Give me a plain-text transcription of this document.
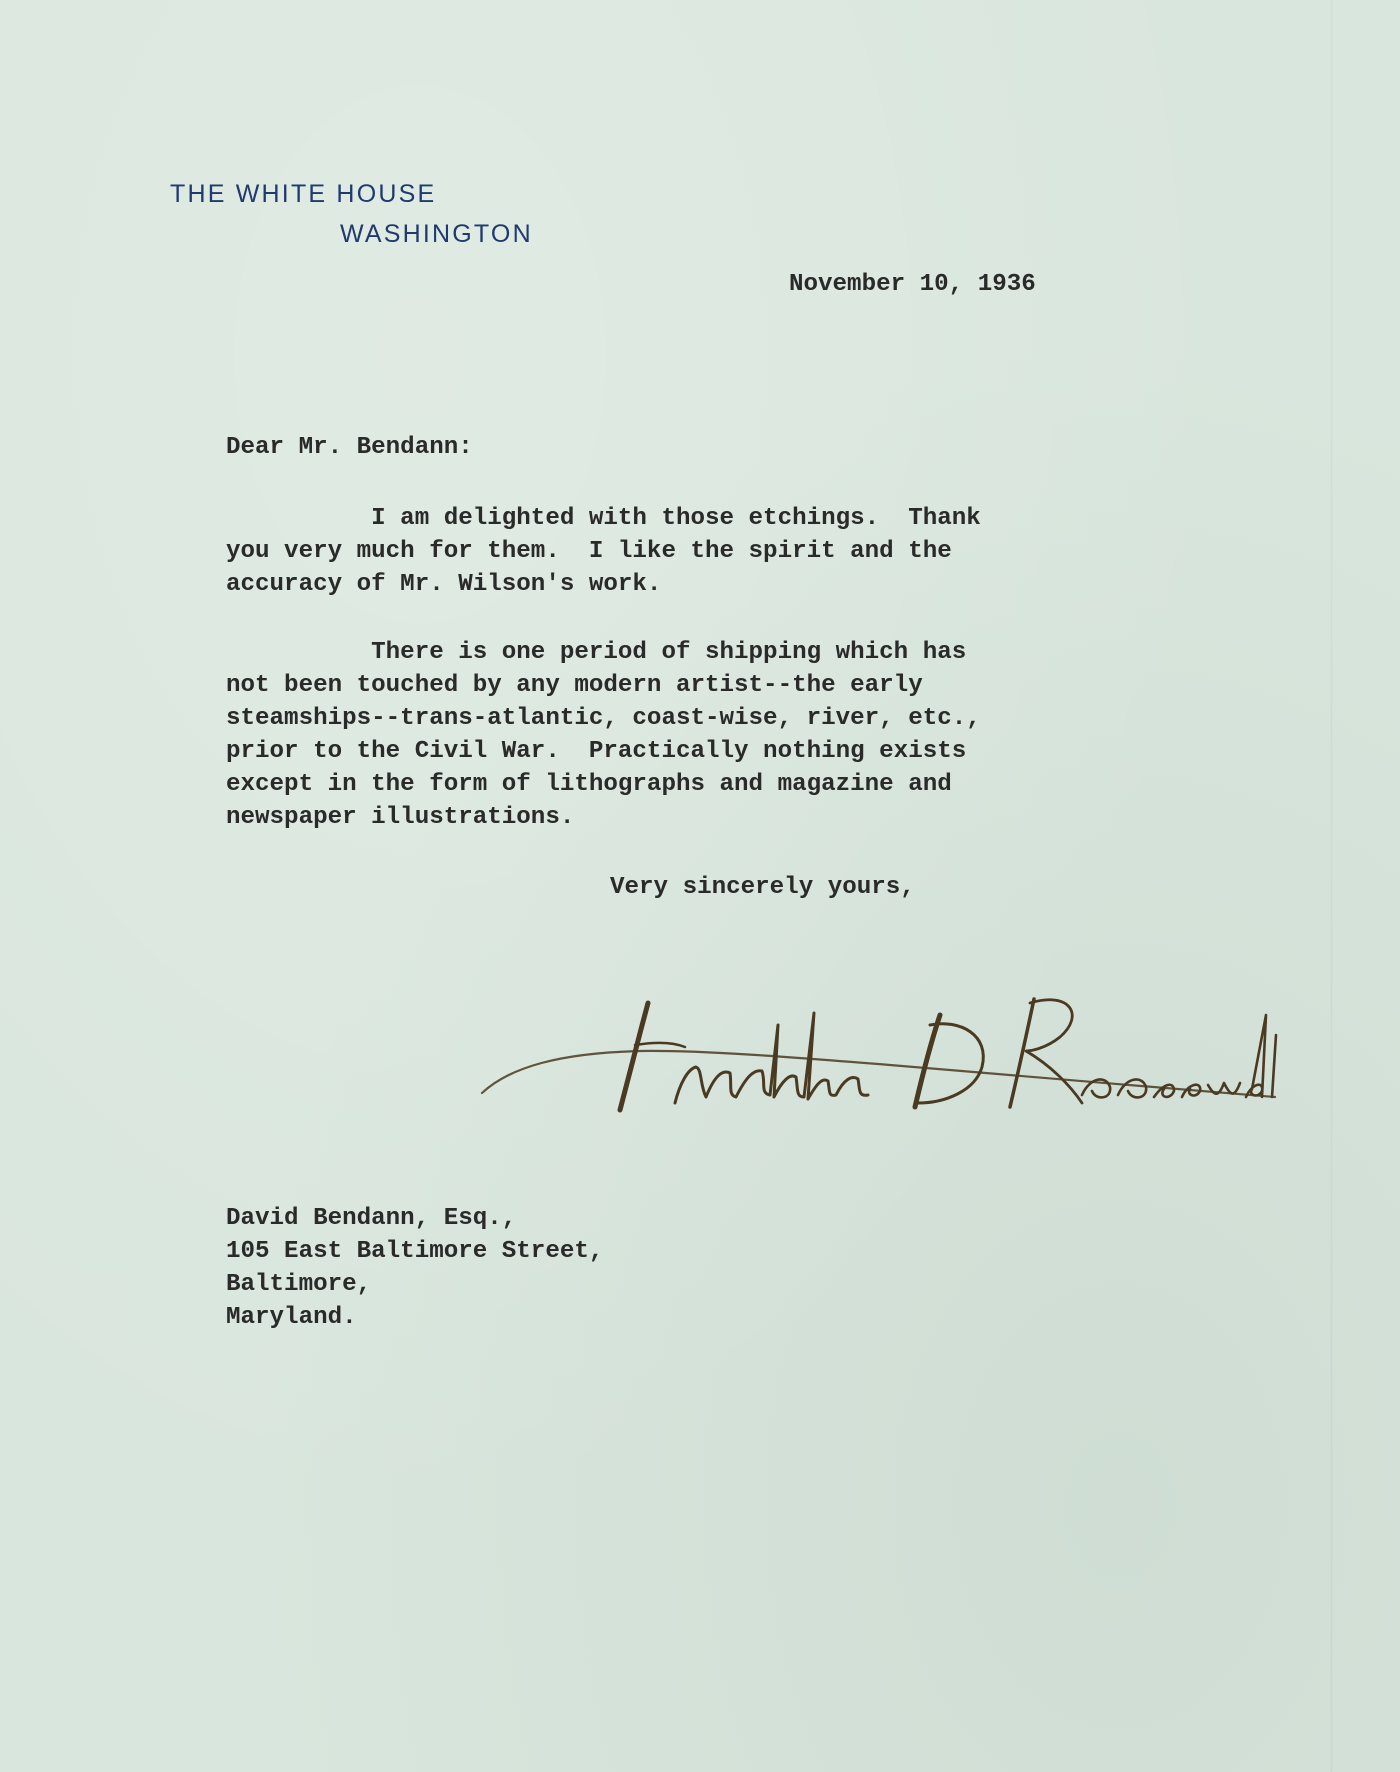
THE WHITE HOUSE
WASHINGTON
November 10, 1936
Dear Mr. Bendann:
I am delighted with those etchings.  Thank
you very much for them.  I like the spirit and the
accuracy of Mr. Wilson's work.
There is one period of shipping which has
not been touched by any modern artist--the early
steamships--trans-atlantic, coast-wise, river, etc.,
prior to the Civil War.  Practically nothing exists
except in the form of lithographs and magazine and
newspaper illustrations.
Very sincerely yours,
David Bendann, Esq.,
105 East Baltimore Street,
Baltimore,
Maryland.
